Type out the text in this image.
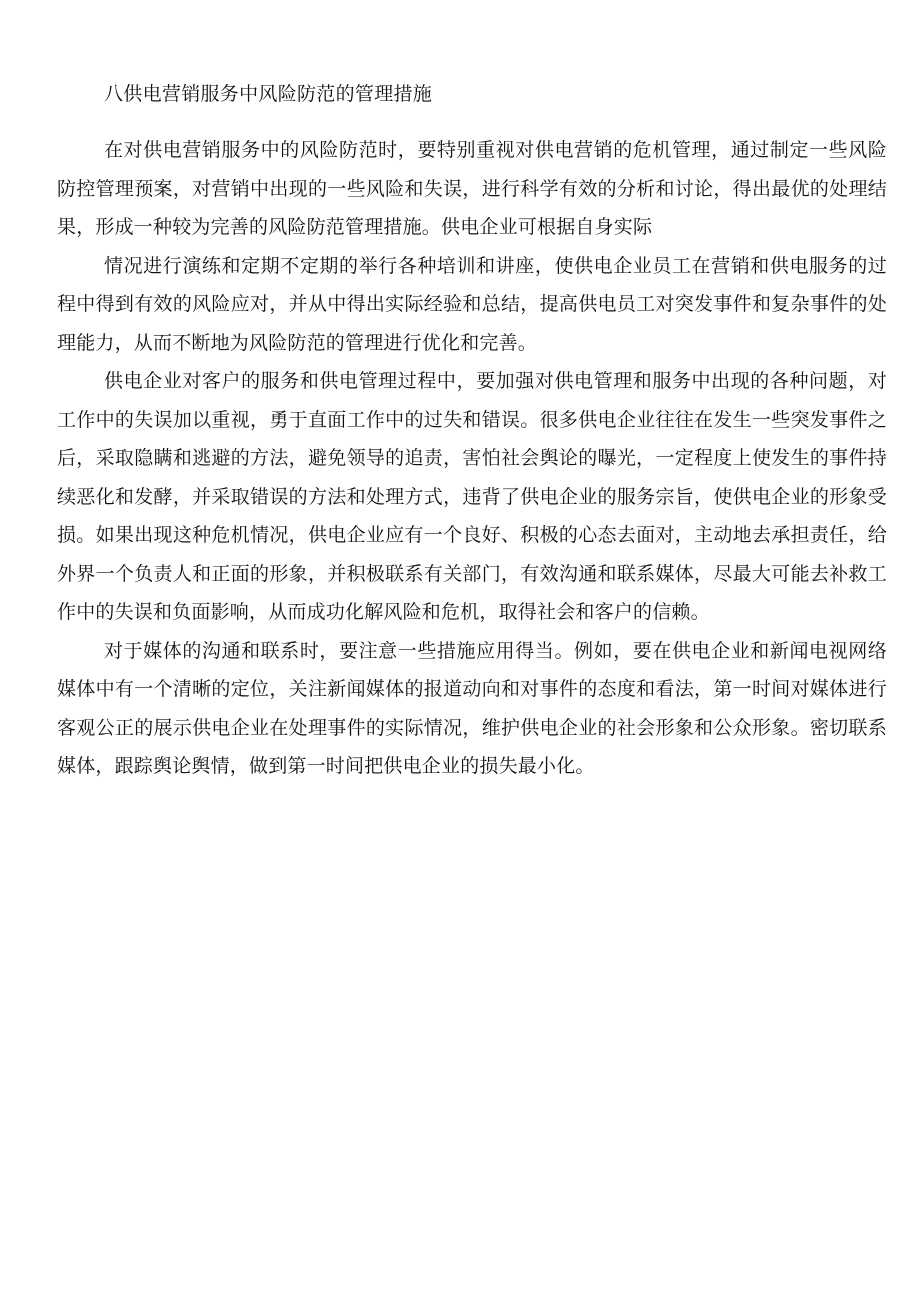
八供电营销服务中风险防范的管理措施

在对供电营销服务中的风险防范时，要特别重视对供电营销的危机管理，通过制定一些风险防控管理预案，对营销中出现的一些风险和失误，进行科学有效的分析和讨论，得出最优的处理结果，形成一种较为完善的风险防范管理措施。供电企业可根据自身实际

情况进行演练和定期不定期的举行各种培训和讲座，使供电企业员工在营销和供电服务的过程中得到有效的风险应对，并从中得出实际经验和总结，提高供电员工对突发事件和复杂事件的处理能力，从而不断地为风险防范的管理进行优化和完善。

供电企业对客户的服务和供电管理过程中，要加强对供电管理和服务中出现的各种问题，对工作中的失误加以重视，勇于直面工作中的过失和错误。很多供电企业往往在发生一些突发事件之后，采取隐瞒和逃避的方法，避免领导的追责，害怕社会舆论的曝光，一定程度上使发生的事件持续恶化和发酵，并采取错误的方法和处理方式，违背了供电企业的服务宗旨，使供电企业的形象受损。如果出现这种危机情况，供电企业应有一个良好、积极的心态去面对，主动地去承担责任，给外界一个负责人和正面的形象，并积极联系有关部门，有效沟通和联系媒体，尽最大可能去补救工作中的失误和负面影响，从而成功化解风险和危机，取得社会和客户的信赖。

对于媒体的沟通和联系时，要注意一些措施应用得当。例如，要在供电企业和新闻电视网络媒体中有一个清晰的定位，关注新闻媒体的报道动向和对事件的态度和看法，第一时间对媒体进行客观公正的展示供电企业在处理事件的实际情况，维护供电企业的社会形象和公众形象。密切联系媒体，跟踪舆论舆情，做到第一时间把供电企业的损失最小化。
